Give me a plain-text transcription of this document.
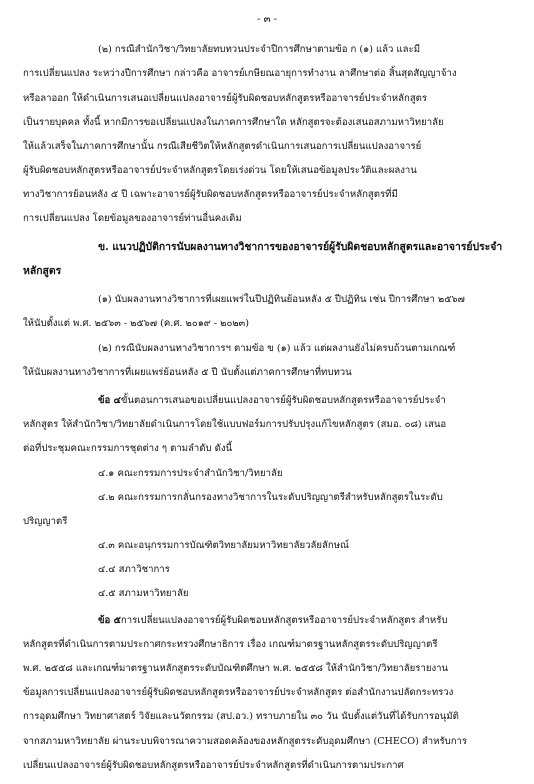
- ๓ -
(๒) กรณีสำนักวิชา/วิทยาลัยทบทวนประจำปีการศึกษาตามข้อ ก (๑) แล้ว และมี
การเปลี่ยนแปลง ระหว่างปีการศึกษา กล่าวคือ อาจารย์เกษียณอายุการทำงาน ลาศึกษาต่อ สิ้นสุดสัญญาจ้าง
หรือลาออก ให้ดำเนินการเสนอเปลี่ยนแปลงอาจารย์ผู้รับผิดชอบหลักสูตรหรืออาจารย์ประจำหลักสูตร
เป็นรายบุคคล ทั้งนี้ หากมีการขอเปลี่ยนแปลงในภาคการศึกษาใด หลักสูตรจะต้องเสนอสภามหาวิทยาลัย
ให้แล้วเสร็จในภาคการศึกษานั้น กรณีเสียชีวิตให้หลักสูตรดำเนินการเสนอการเปลี่ยนแปลงอาจารย์
ผู้รับผิดชอบหลักสูตรหรืออาจารย์ประจำหลักสูตรโดยเร่งด่วน โดยให้เสนอข้อมูลประวัติและผลงาน
ทางวิชาการย้อนหลัง ๕ ปี เฉพาะอาจารย์ผู้รับผิดชอบหลักสูตรหรืออาจารย์ประจำหลักสูตรที่มี
การเปลี่ยนแปลง โดยข้อมูลของอาจารย์ท่านอื่นคงเดิม
ข. แนวปฏิบัติการนับผลงานทางวิชาการของอาจารย์ผู้รับผิดชอบหลักสูตรและอาจารย์ประจำ
หลักสูตร
(๑) นับผลงานทางวิชาการที่เผยแพร่ในปีปฏิทินย้อนหลัง ๕ ปีปฏิทิน เช่น ปีการศึกษา ๒๕๖๗
ให้นับตั้งแต่ พ.ศ. ๒๕๖๓ - ๒๕๖๗ (ค.ศ. ๒๐๑๙ - ๒๐๒๓)
(๒) กรณีนับผลงานทางวิชาการฯ ตามข้อ ข (๑) แล้ว แต่ผลงานยังไม่ครบถ้วนตามเกณฑ์
ให้นับผลงานทางวิชาการที่เผยแพร่ย้อนหลัง ๕ ปี นับตั้งแต่ภาคการศึกษาที่ทบทวน
ข้อ ๔ขั้นตอนการเสนอขอเปลี่ยนแปลงอาจารย์ผู้รับผิดชอบหลักสูตรหรืออาจารย์ประจำ
หลักสูตร ให้สำนักวิชา/วิทยาลัยดำเนินการโดยใช้แบบฟอร์มการปรับปรุงแก้ไขหลักสูตร (สมอ. ๐๘) เสนอ
ต่อที่ประชุมคณะกรรมการชุดต่าง ๆ ตามลำดับ ดังนี้
๔.๑ คณะกรรมการประจำสำนักวิชา/วิทยาลัย
๔.๒ คณะกรรมการกลั่นกรองทางวิชาการในระดับปริญญาตรีสำหรับหลักสูตรในระดับ
ปริญญาตรี
๔.๓ คณะอนุกรรมการบัณฑิตวิทยาลัยมหาวิทยาลัยวลัยลักษณ์
๔.๔ สภาวิชาการ
๔.๕ สภามหาวิทยาลัย
ข้อ ๕การเปลี่ยนแปลงอาจารย์ผู้รับผิดชอบหลักสูตรหรืออาจารย์ประจำหลักสูตร สำหรับ
หลักสูตรที่ดำเนินการตามประกาศกระทรวงศึกษาธิการ เรื่อง เกณฑ์มาตรฐานหลักสูตรระดับปริญญาตรี
พ.ศ. ๒๕๕๘ และเกณฑ์มาตรฐานหลักสูตรระดับบัณฑิตศึกษา พ.ศ. ๒๕๕๘ ให้สำนักวิชา/วิทยาลัยรายงาน
ข้อมูลการเปลี่ยนแปลงอาจารย์ผู้รับผิดชอบหลักสูตรหรืออาจารย์ประจำหลักสูตร ต่อสำนักงานปลัดกระทรวง
การอุดมศึกษา วิทยาศาสตร์ วิจัยและนวัตกรรม (สป.อว.) ทราบภายใน ๓๐ วัน นับตั้งแต่วันที่ได้รับการอนุมัติ
จากสภามหาวิทยาลัย ผ่านระบบพิจารณาความสอดคล้องของหลักสูตรระดับอุดมศึกษา (CHECO) สำหรับการ
เปลี่ยนแปลงอาจารย์ผู้รับผิดชอบหลักสูตรหรืออาจารย์ประจำหลักสูตรที่ดำเนินการตามประกาศ
